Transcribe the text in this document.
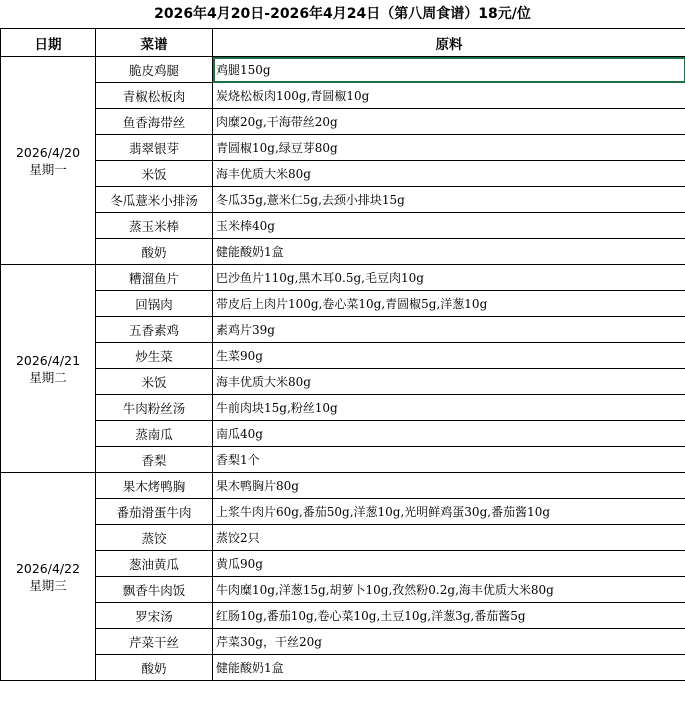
2026年4月20日-2026年4月24日（第八周食谱）18元/位
日期	菜谱	原料

2026/4/20
星期一	脆皮鸡腿	鸡腿150g
	青椒松板肉	炭烧松板肉100g,青圆椒10g
	鱼香海带丝	肉糜20g,干海带丝20g
	翡翠银芽	青圆椒10g,绿豆芽80g
	米饭	海丰优质大米80g
	冬瓜薏米小排汤	冬瓜35g,薏米仁5g,去颈小排块15g
	蒸玉米棒	玉米棒40g
	酸奶	健能酸奶1盒

2026/4/21
星期二	糟溜鱼片	巴沙鱼片110g,黑木耳0.5g,毛豆肉10g
	回锅肉	带皮后上肉片100g,卷心菜10g,青圆椒5g,洋葱10g
	五香素鸡	素鸡片39g
	炒生菜	生菜90g
	米饭	海丰优质大米80g
	牛肉粉丝汤	牛前肉块15g,粉丝10g
	蒸南瓜	南瓜40g
	香梨	香梨1个

2026/4/22
星期三	果木烤鸭胸	果木鸭胸片80g
	番茄滑蛋牛肉	上浆牛肉片60g,番茄50g,洋葱10g,光明鲜鸡蛋30g,番茄酱10g
	蒸饺	蒸饺2只
	葱油黄瓜	黄瓜90g
	飘香牛肉饭	牛肉糜10g,洋葱15g,胡萝卜10g,孜然粉0.2g,海丰优质大米80g
	罗宋汤	红肠10g,番茄10g,卷心菜10g,土豆10g,洋葱3g,番茄酱5g
	芹菜干丝	芹菜30g，干丝20g
	酸奶	健能酸奶1盒
